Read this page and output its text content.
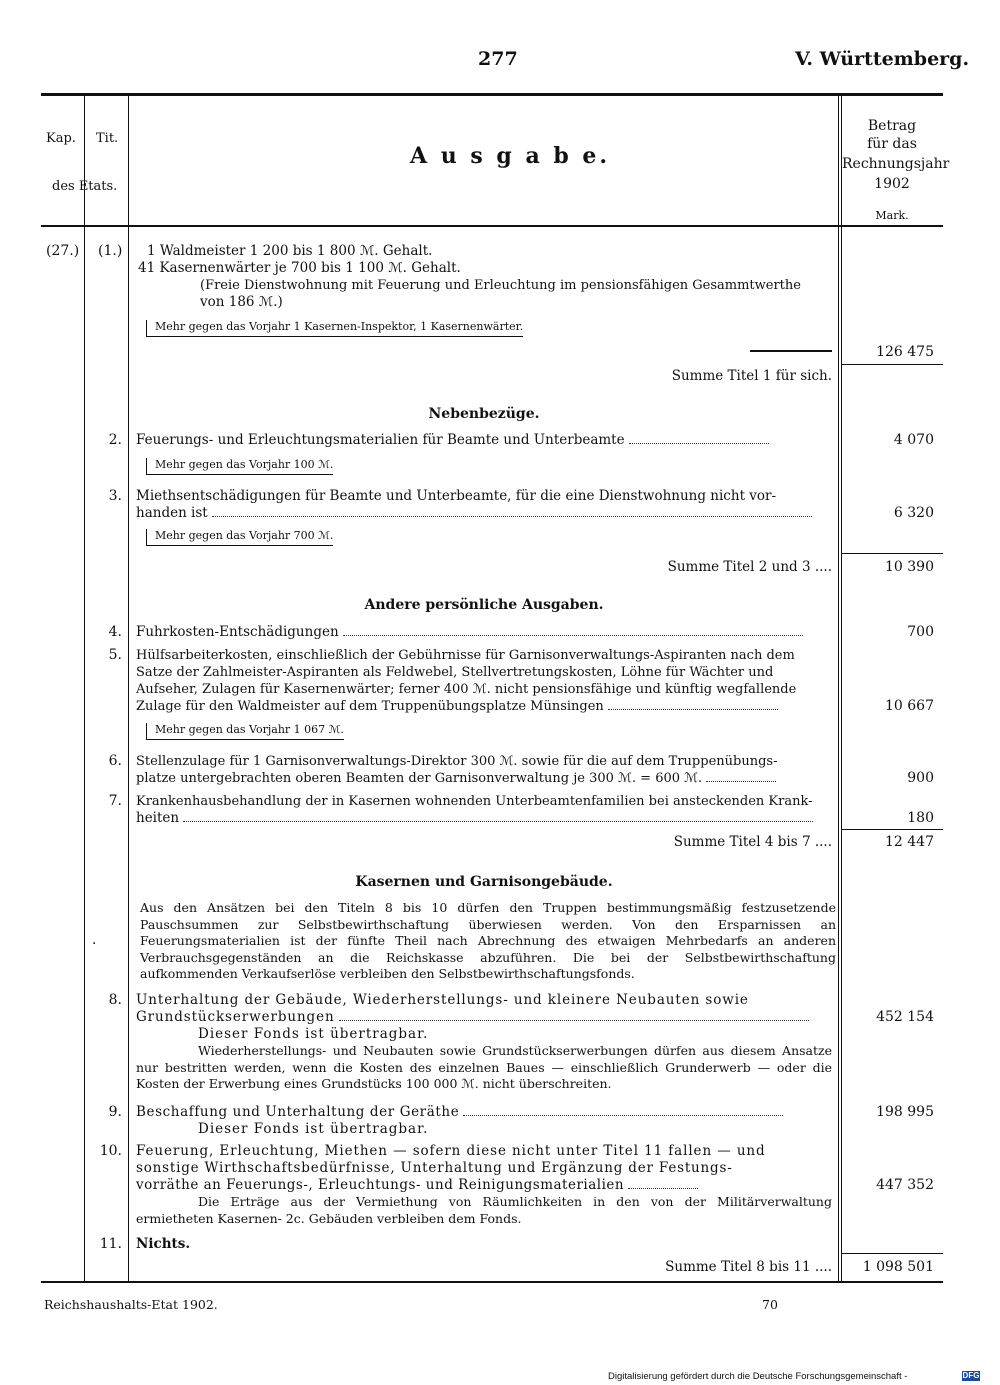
277	V. Württemberg.
Kap. Tit.
des Etats.
A u s g a b e.
Betrag
für das
Rechnungsjahr
1902
Mark.
(27.) (1.) 1 Waldmeister 1 200 bis 1 800 ℳ. Gehalt.
41 Kasernenwärter je 700 bis 1 100 ℳ. Gehalt.
(Freie Dienstwohnung mit Feuerung und Erleuchtung im pensionsfähigen Gesammtwerthe
von 186 ℳ.)
Mehr gegen das Vorjahr 1 Kasernen-Inspektor, 1 Kasernenwärter.
126 475
Summe Titel 1 für sich.
Nebenbezüge.
2. Feuerungs- und Erleuchtungsmaterialien für Beamte und Unterbeamte	4 070
Mehr gegen das Vorjahr 100 ℳ.
3. Miethsentschädigungen für Beamte und Unterbeamte, für die eine Dienstwohnung nicht vor-
handen ist	6 320
Mehr gegen das Vorjahr 700 ℳ.
Summe Titel 2 und 3 ....	10 390
Andere persönliche Ausgaben.
4. Fuhrkosten-Entschädigungen	700
5. Hülfsarbeiterkosten, einschließlich der Gebührnisse für Garnisonverwaltungs-Aspiranten nach dem
Satze der Zahlmeister-Aspiranten als Feldwebel, Stellvertretungskosten, Löhne für Wächter und
Aufseher, Zulagen für Kasernenwärter; ferner 400 ℳ. nicht pensionsfähige und künftig wegfallende
Zulage für den Waldmeister auf dem Truppenübungsplatze Münsingen	10 667
Mehr gegen das Vorjahr 1 067 ℳ.
6. Stellenzulage für 1 Garnisonverwaltungs-Direktor 300 ℳ. sowie für die auf dem Truppenübungs-
platze untergebrachten oberen Beamten der Garnisonverwaltung je 300 ℳ. = 600 ℳ.	900
7. Krankenhausbehandlung der in Kasernen wohnenden Unterbeamtenfamilien bei ansteckenden Krank-
heiten	180
Summe Titel 4 bis 7 ....	12 447
Kasernen und Garnisongebäude.
Aus den Ansätzen bei den Titeln 8 bis 10 dürfen den Truppen bestimmungsmäßig festzusetzende Pauschsummen zur Selbstbewirthschaftung überwiesen werden. Von den Ersparnissen an Feuerungsmaterialien ist der fünfte Theil nach Abrechnung des etwaigen Mehrbedarfs an anderen Verbrauchsgegenständen an die Reichskasse abzuführen. Die bei der Selbstbewirthschaftung aufkommenden Verkaufserlöse verbleiben den Selbstbewirthschaftungsfonds.
·
8. Unterhaltung der Gebäude, Wiederherstellungs- und kleinere Neubauten sowie
Grundstückserwerbungen	452 154
Dieser Fonds ist übertragbar.
Wiederherstellungs- und Neubauten sowie Grundstückserwerbungen dürfen aus diesem Ansatze nur bestritten werden, wenn die Kosten des einzelnen Baues — einschließlich Grunderwerb — oder die Kosten der Erwerbung eines Grundstücks 100 000 ℳ. nicht überschreiten.
9. Beschaffung und Unterhaltung der Geräthe	198 995
Dieser Fonds ist übertragbar.
10. Feuerung, Erleuchtung, Miethen — sofern diese nicht unter Titel 11 fallen — und
sonstige Wirthschaftsbedürfnisse, Unterhaltung und Ergänzung der Festungs-
vorräthe an Feuerungs-, Erleuchtungs- und Reinigungsmaterialien	447 352
Die Erträge aus der Vermiethung von Räumlichkeiten in den von der Militärverwaltung ermietheten Kasernen- 2c. Gebäuden verbleiben dem Fonds.
11. Nichts.
Summe Titel 8 bis 11 ....	1 098 501
Reichshaushalts-Etat 1902.	70
Digitalisierung gefördert durch die Deutsche Forschungsgemeinschaft -	DFG
